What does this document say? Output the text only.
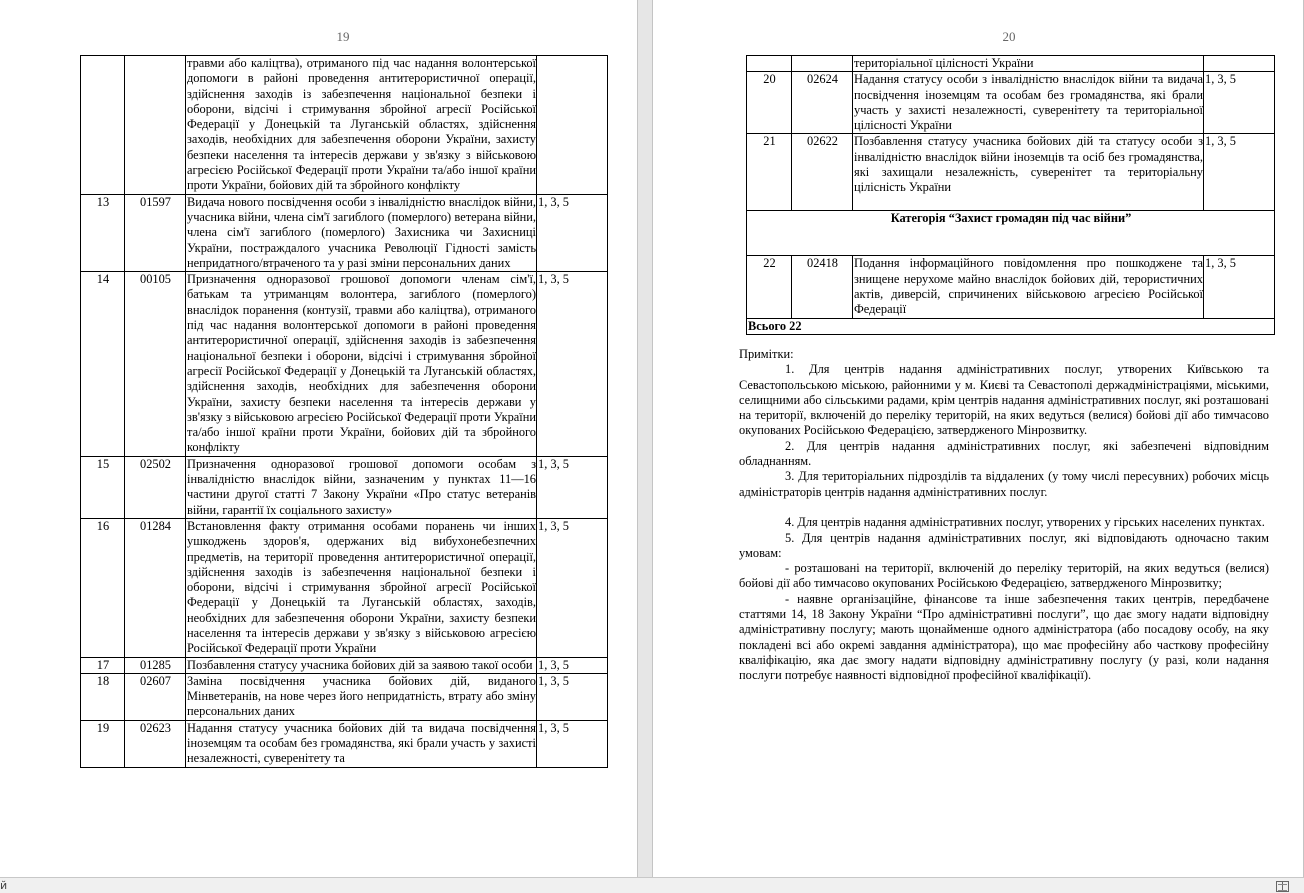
19
		травми або каліцтва), отриманого під час надання волонтерської допомоги в районі проведення антитерористичної операції, здійснення заходів із забезпечення національної безпеки і оборони, відсічі і стримування збройної агресії Російської Федерації у Донецькій та Луганській областях, здійснення заходів, необхідних для забезпечення оборони України, захисту безпеки населення та інтересів держави у зв'язку з військовою агресією Російської Федерації проти України та/або іншої країни проти України, бойових дій та збройного конфлікту	
13	01597	Видача нового посвідчення особи з інвалідністю внаслідок війни, учасника війни, члена сім'ї загиблого (померлого) ветерана війни, члена сім'ї загиблого (померлого) Захисника чи Захисниці України, постраждалого учасника Революції Гідності замість непридатного/втраченого та у разі зміни персональних даних	1, 3, 5
14	00105	Призначення одноразової грошової допомоги членам сім'ї, батькам та утриманцям волонтера, загиблого (померлого) внаслідок поранення (контузії, травми або каліцтва), отриманого під час надання волонтерської допомоги в районі проведення антитерористичної операції, здійснення заходів із забезпечення національної безпеки і оборони, відсічі і стримування збройної агресії Російської Федерації у Донецькій та Луганській областях, здійснення заходів, необхідних для забезпечення оборони України, захисту безпеки населення та інтересів держави у зв'язку з військовою агресією Російської Федерації проти України та/або іншої країни проти України, бойових дій та збройного конфлікту	1, 3, 5
15	02502	Призначення одноразової грошової допомоги особам з інвалідністю внаслідок війни, зазначеним у пунктах 11—16 частини другої статті 7 Закону України «Про статус ветеранів війни, гарантії їх соціального захисту»	1, 3, 5
16	01284	Встановлення факту отримання особами поранень чи інших ушкоджень здоров'я, одержаних від вибухонебезпечних предметів, на території проведення антитерористичної операції, здійснення заходів із забезпечення національної безпеки і оборони, відсічі і стримування збройної агресії Російської Федерації у Донецькій та Луганській областях, заходів, необхідних для забезпечення оборони України, захисту безпеки населення та інтересів держави у зв'язку з військовою агресією Російської Федерації проти України	1, 3, 5
17	01285	Позбавлення статусу учасника бойових дій за заявою такої особи	1, 3, 5
18	02607	Заміна посвідчення учасника бойових дій, виданого Мінветеранів, на нове через його непридатність, втрату або зміну персональних даних	1, 3, 5
19	02623	Надання статусу учасника бойових дій та видача посвідчення іноземцям та особам без громадянства, які брали участь у захисті незалежності, суверенітету та	1, 3, 5
20
		територіальної цілісності України	
20	02624	Надання статусу особи з інвалідністю внаслідок війни та видача посвідчення іноземцям та особам без громадянства, які брали участь у захисті незалежності, суверенітету та територіальної цілісності України	1, 3, 5
21	02622	Позбавлення статусу учасника бойових дій та статусу особи з інвалідністю внаслідок війни іноземців та осіб без громадянства, які захищали незалежність, суверенітет та територіальну цілісність України	1, 3, 5
Категорія “Захист громадян під час війни”			
22	02418	Подання інформаційного повідомлення про пошкоджене та знищене нерухоме майно внаслідок бойових дій, терористичних актів, диверсій, спричинених військовою агресією Російської Федерації	1, 3, 5
Всього 22			

Примітки:

1. Для центрів надання адміністративних послуг, утворених Київською та Севастопольською міською, районними у м. Києві та Севастополі держадміністраціями, міськими, селищними або сільськими радами, крім центрів надання адміністративних послуг, які розташовані на території, включеній до переліку територій, на яких ведуться (велися) бойові дії або тимчасово окупованих Російською Федерацією, затвердженого Мінрозвитку.

2. Для центрів надання адміністративних послуг, які забезпечені відповідним обладнанням.

3. Для територіальних підрозділів та віддалених (у тому числі пересувних) робочих місць адміністраторів центрів надання адміністративних послуг.

4. Для центрів надання адміністративних послуг, утворених у гірських населених пунктах.

5. Для центрів надання адміністративних послуг, які відповідають одночасно таким умовам:

- розташовані на території, включеній до переліку територій, на яких ведуться (велися) бойові дії або тимчасово окупованих Російською Федерацією, затвердженого Мінрозвитку;

- наявне організаційне, фінансове та інше забезпечення таких центрів, передбачене статтями 14, 18 Закону України “Про адміністративні послуги”, що дає змогу надати відповідну адміністративну послугу; мають щонайменше одного адміністратора (або посадову особу, на яку покладені всі або окремі завдання адміністратора), що має професійну або часткову професійну кваліфікацію, яка дає змогу надати відповідну адміністративну послугу (у разі, коли надання послуги потребує наявності відповідної професійної кваліфікації).

й
